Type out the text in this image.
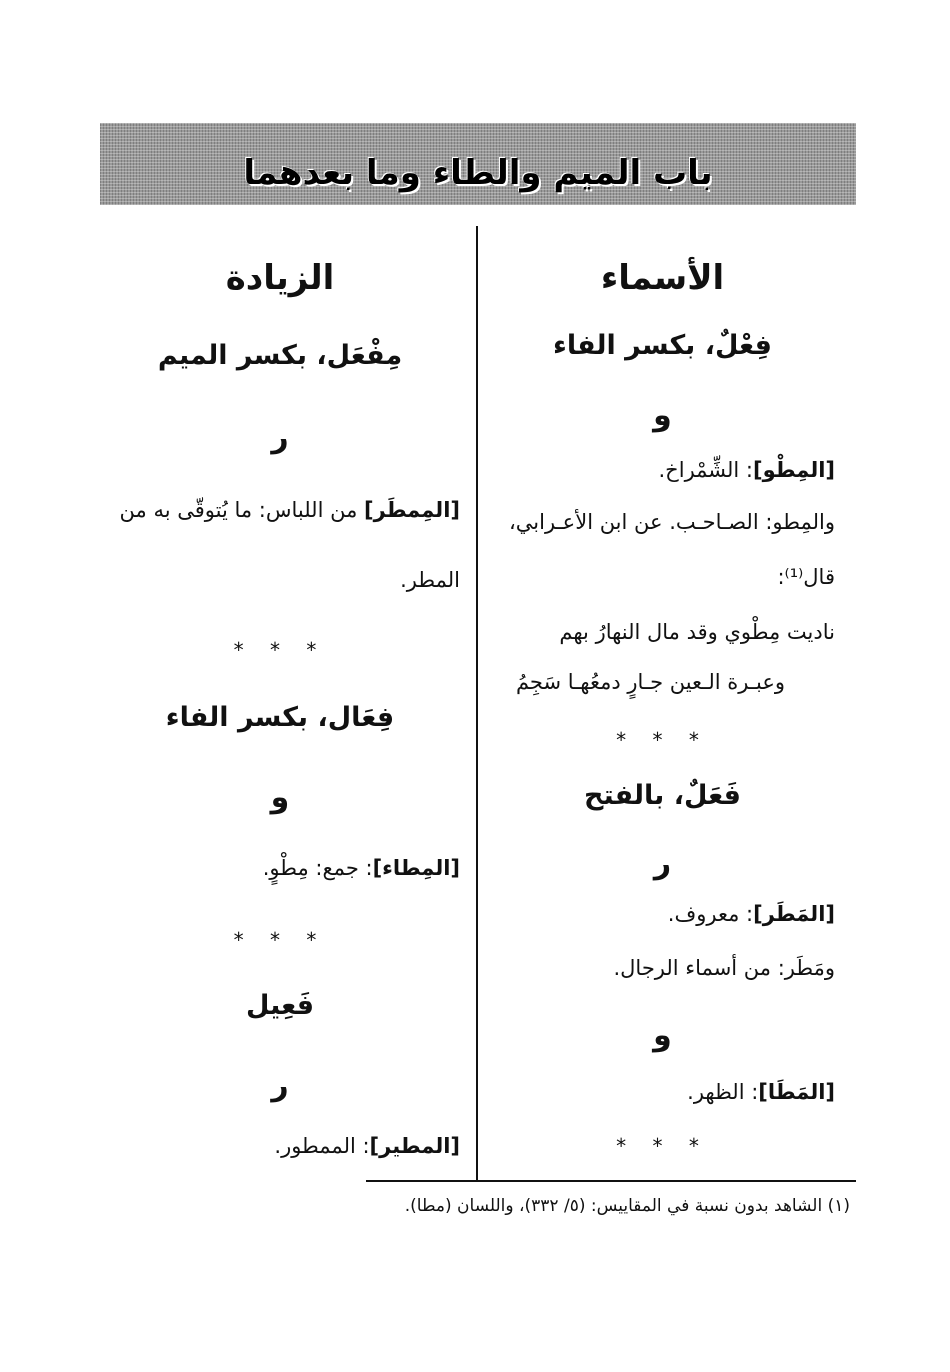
باب الميم والطاء وما بعدهما
الأسماء
فِعْلٌ، بكسر الفاء
و
[المِطْو]: الشِّمْراخ.
والمِطو: الصـاحـب. عن ابن الأعـرابي،
قال⁽¹⁾:
ناديت مِطْوي وقد مال النهارُ بهم
وعبـرة الـعين جـارٍ دمعُهـا سَجِمُ
* * *
فَعَلٌ، بالفتح
ر
[المَطَر]: معروف.
ومَطَر: من أسماء الرجال.
و
[المَطَا]: الظهر.
* * *
الزيادة
مِفْعَل، بكسر الميم
ر
[المِمطَر] من اللباس: ما يُتوقّى به من
المطر.
* * *
فِعَال، بكسر الفاء
و
[المِطاء]: جمع: مِطْوٍ.
* * *
فَعِيل
ر
[المطير]: الممطور.
(١) الشاهد بدون نسبة في المقاييس: (٥/ ٣٣٢)، واللسان (مطا).
